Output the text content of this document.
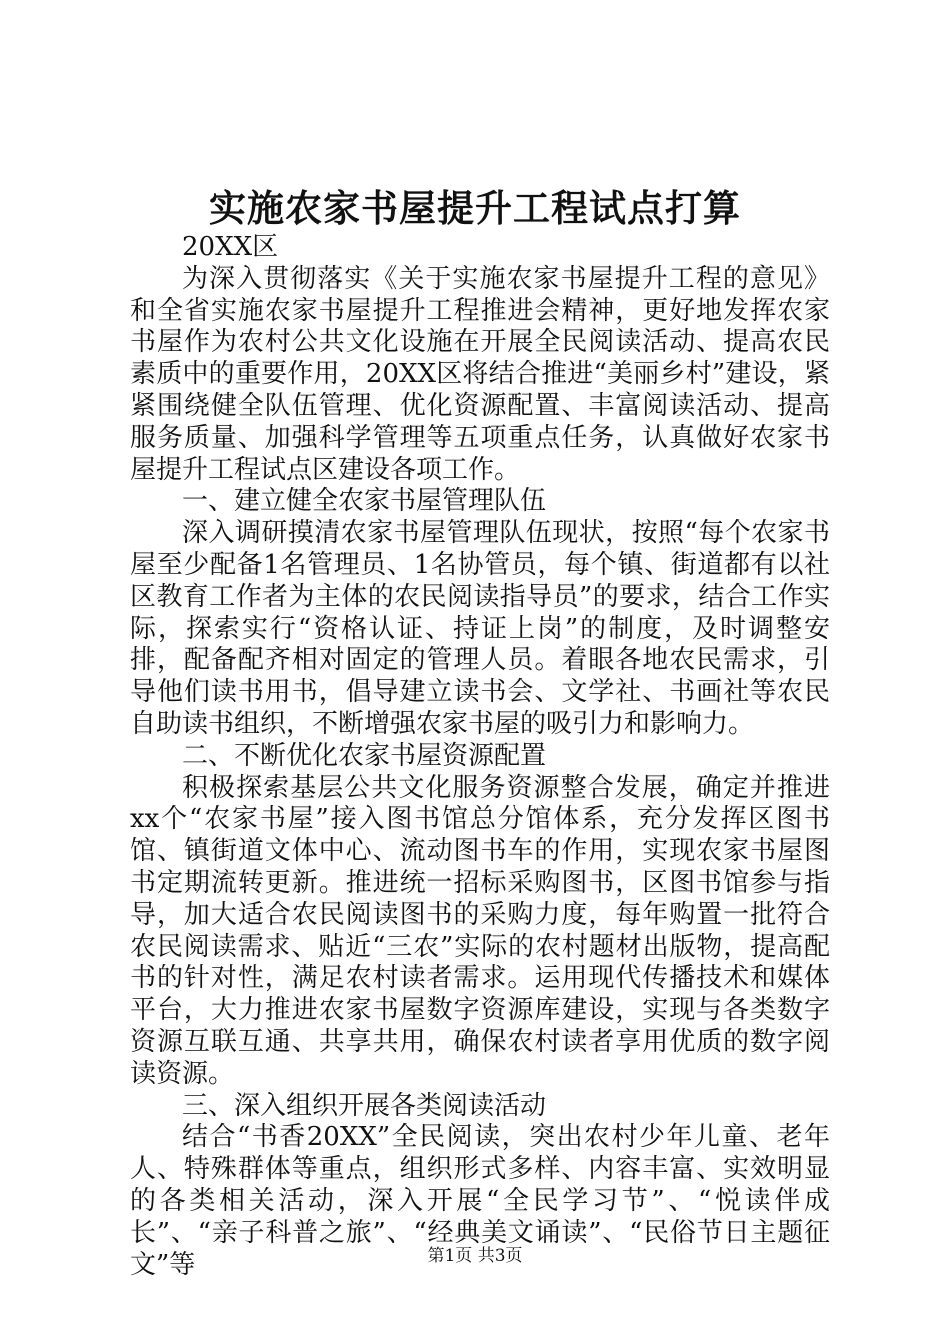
实施农家书屋提升工程试点打算

20XX区

为深入贯彻落实《关于实施农家书屋提升工程的意见》和全省实施农家书屋提升工程推进会精神，更好地发挥农家书屋作为农村公共文化设施在开展全民阅读活动、提高农民素质中的重要作用，20XX区将结合推进“美丽乡村”建设，紧紧围绕健全队伍管理、优化资源配置、丰富阅读活动、提高服务质量、加强科学管理等五项重点任务，认真做好农家书屋提升工程试点区建设各项工作。

一、建立健全农家书屋管理队伍

深入调研摸清农家书屋管理队伍现状，按照“每个农家书屋至少配备1名管理员、1名协管员，每个镇、街道都有以社区教育工作者为主体的农民阅读指导员”的要求，结合工作实际，探索实行“资格认证、持证上岗”的制度，及时调整安排，配备配齐相对固定的管理人员。着眼各地农民需求，引导他们读书用书，倡导建立读书会、文学社、书画社等农民自助读书组织，不断增强农家书屋的吸引力和影响力。

二、不断优化农家书屋资源配置

积极探索基层公共文化服务资源整合发展，确定并推进xx个“农家书屋”接入图书馆总分馆体系，充分发挥区图书馆、镇街道文体中心、流动图书车的作用，实现农家书屋图书定期流转更新。推进统一招标采购图书，区图书馆参与指导，加大适合农民阅读图书的采购力度，每年购置一批符合农民阅读需求、贴近“三农”实际的农村题材出版物，提高配书的针对性，满足农村读者需求。运用现代传播技术和媒体平台，大力推进农家书屋数字资源库建设，实现与各类数字资源互联互通、共享共用，确保农村读者享用优质的数字阅读资源。

三、深入组织开展各类阅读活动

结合“书香20XX”全民阅读，突出农村少年儿童、老年人、特殊群体等重点，组织形式多样、内容丰富、实效明显的各类相关活动，深入开展“全民学习节”、“悦读伴成长”、“亲子科普之旅”、“经典美文诵读”、“民俗节日主题征文”等	第1页 共3页
